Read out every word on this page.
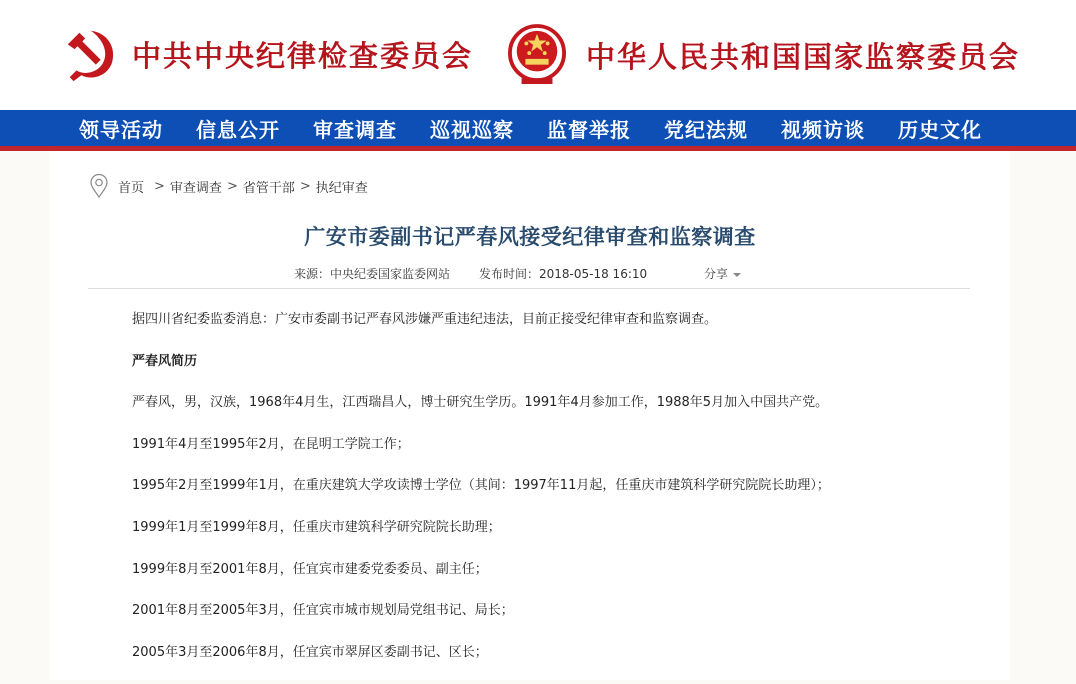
中共中央纪律检查委员会	中华人民共和国国家监察委员会
领导活动 信息公开 审查调查 巡视巡察 监督举报 党纪法规 视频访谈 历史文化
首页 > 审查调查 > 省管干部 > 执纪审查
广安市委副书记严春风接受纪律审查和监察调查
来源：中央纪委国家监委网站 发布时间：2018-05-18 16:10	分享

据四川省纪委监委消息：广安市委副书记严春风涉嫌严重违纪违法，目前正接受纪律审查和监察调查。

严春风简历

严春风，男，汉族，1968年4月生，江西瑞昌人，博士研究生学历。1991年4月参加工作，1988年5月加入中国共产党。

1991年4月至1995年2月，在昆明工学院工作；

1995年2月至1999年1月，在重庆建筑大学攻读博士学位（其间：1997年11月起，任重庆市建筑科学研究院院长助理）；

1999年1月至1999年8月，任重庆市建筑科学研究院院长助理；

1999年8月至2001年8月，任宜宾市建委党委委员、副主任；

2001年8月至2005年3月，任宜宾市城市规划局党组书记、局长；

2005年3月至2006年8月，任宜宾市翠屏区委副书记、区长；
